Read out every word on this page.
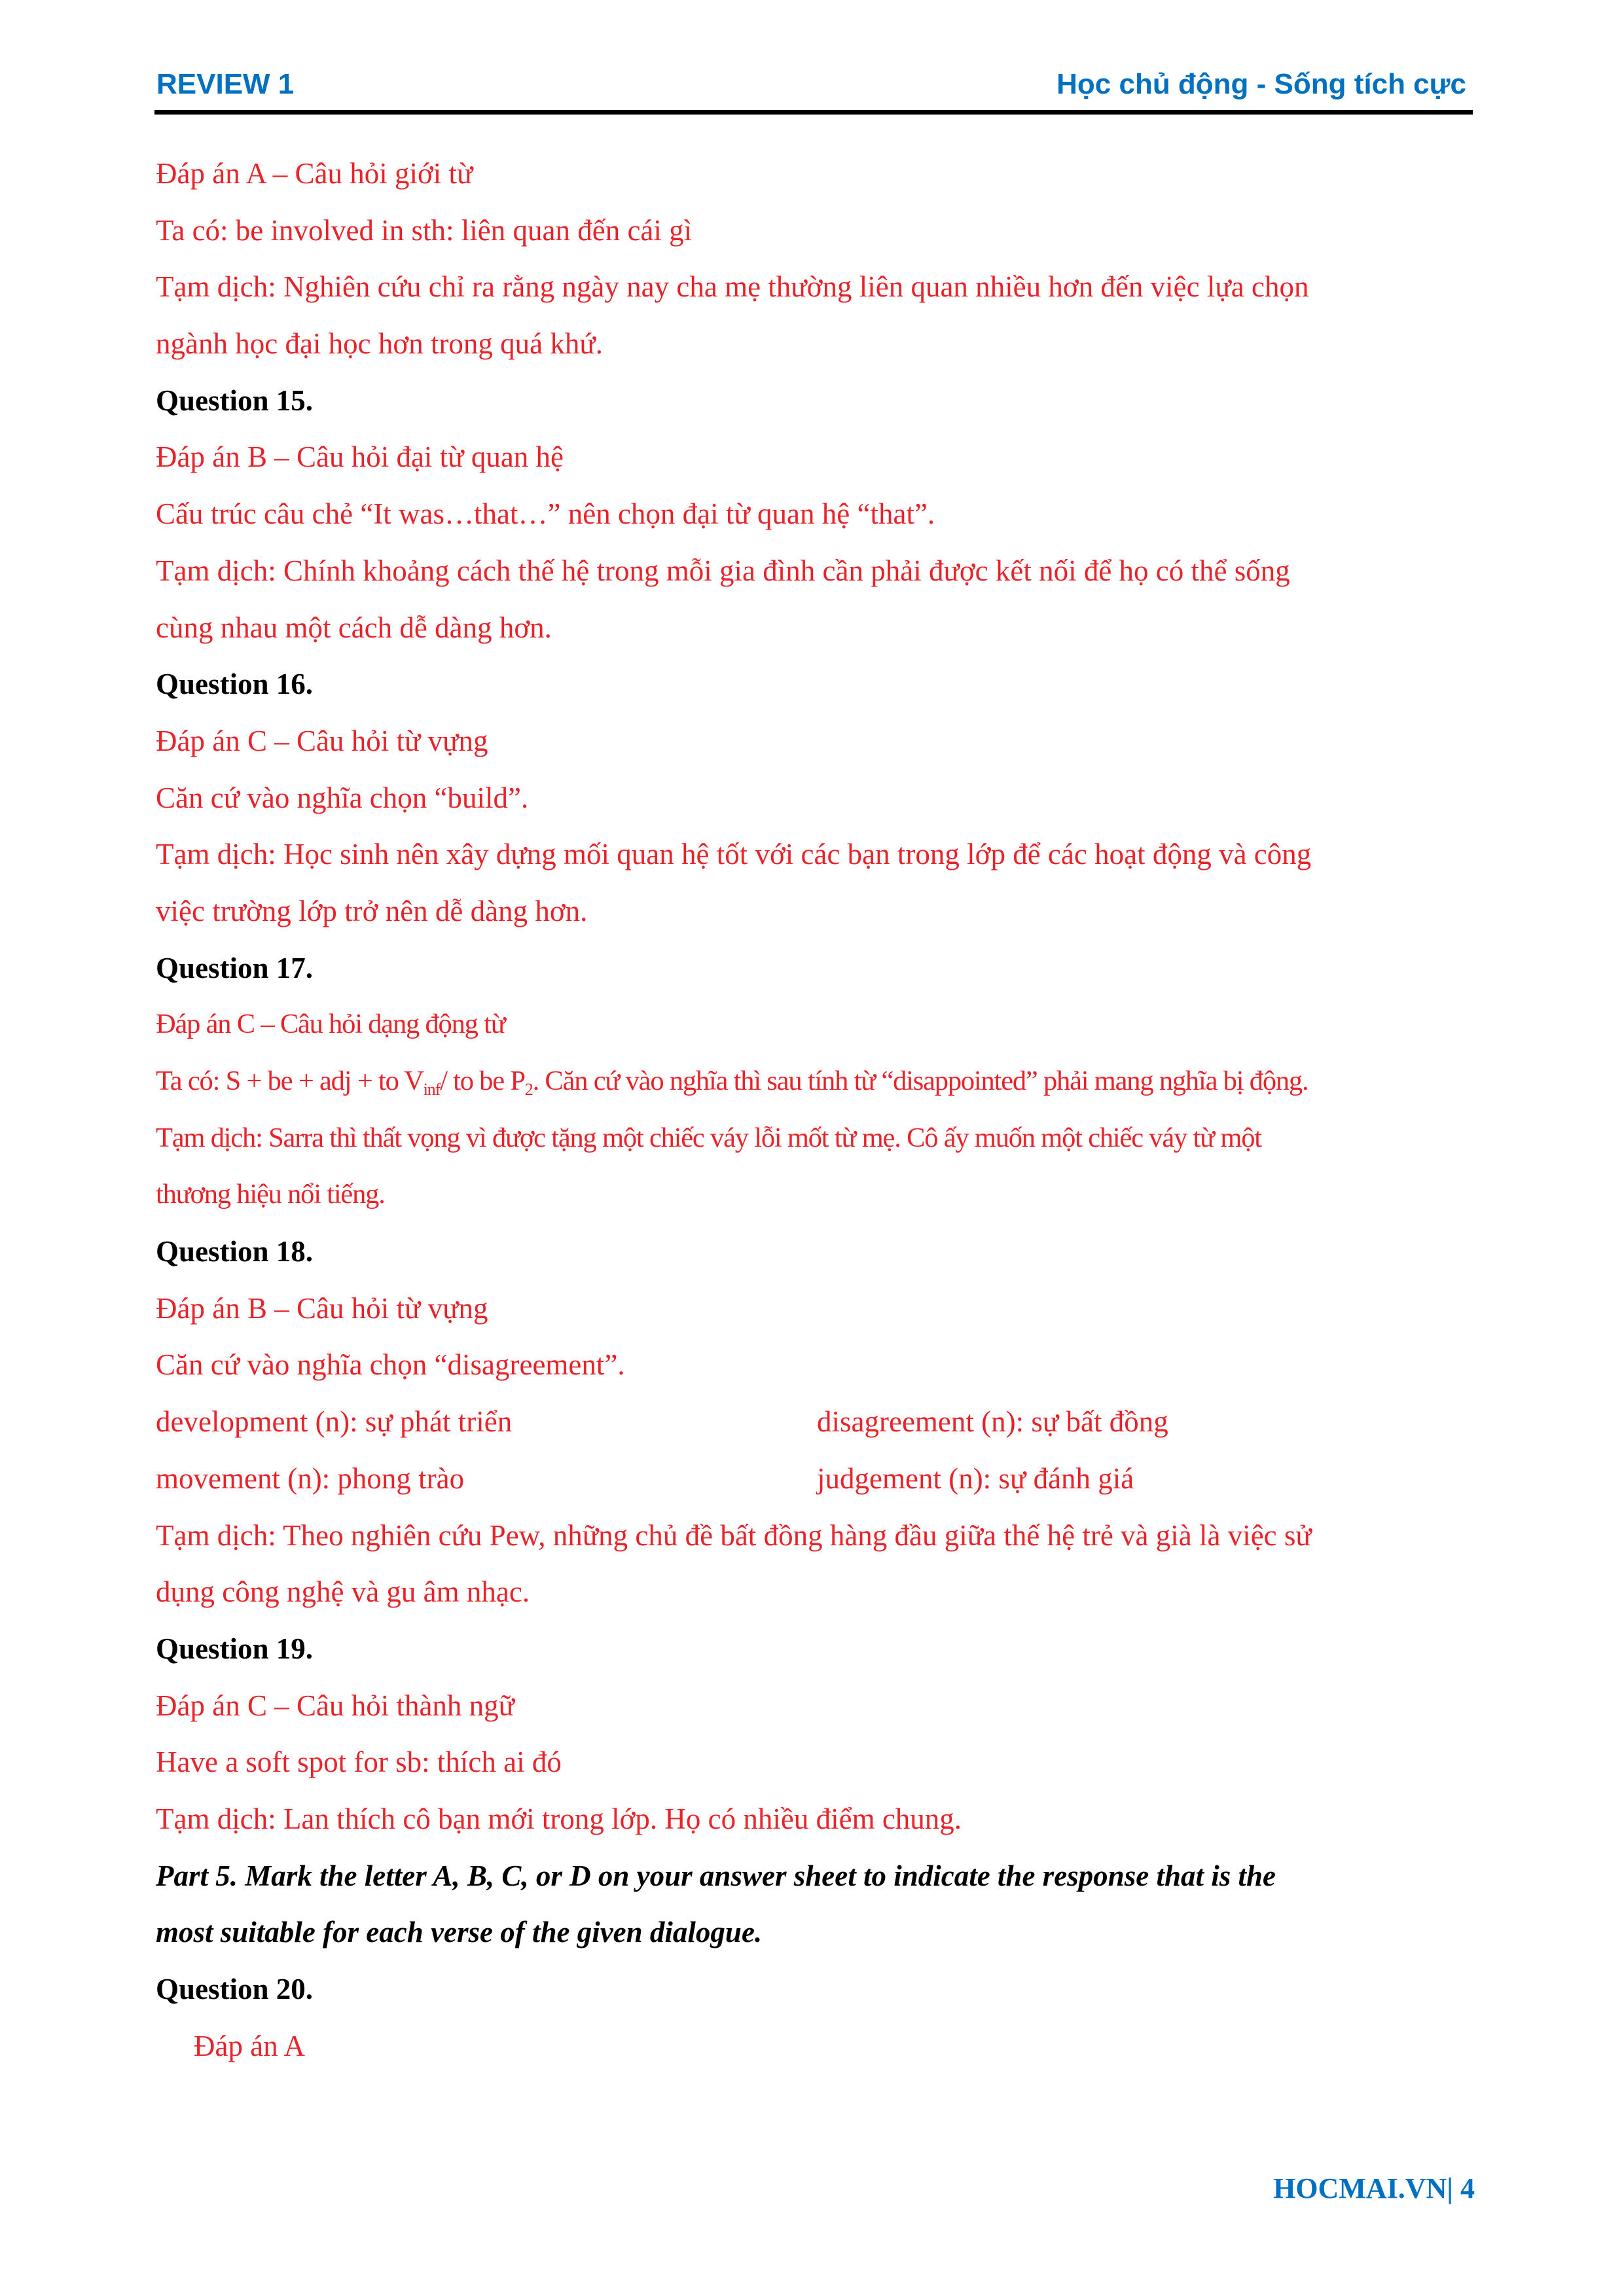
REVIEW 1	Học chủ động - Sống tích cực
Đáp án A – Câu hỏi giới từ
Ta có: be involved in sth: liên quan đến cái gì
Tạm dịch: Nghiên cứu chỉ ra rằng ngày nay cha mẹ thường liên quan nhiều hơn đến việc lựa chọn
ngành học đại học hơn trong quá khứ.
Question 15.
Đáp án B – Câu hỏi đại từ quan hệ
Cấu trúc câu chẻ “It was…that…” nên chọn đại từ quan hệ “that”.
Tạm dịch: Chính khoảng cách thế hệ trong mỗi gia đình cần phải được kết nối để họ có thể sống
cùng nhau một cách dễ dàng hơn.
Question 16.
Đáp án C – Câu hỏi từ vựng
Căn cứ vào nghĩa chọn “build”.
Tạm dịch: Học sinh nên xây dựng mối quan hệ tốt với các bạn trong lớp để các hoạt động và công
việc trường lớp trở nên dễ dàng hơn.
Question 17.
Đáp án C – Câu hỏi dạng động từ
Ta có: S + be + adj + to $V_{inf}/$ to be $P_2$. Căn cứ vào nghĩa thì sau tính từ “disappointed” phải mang nghĩa bị động.
Tạm dịch: Sarra thì thất vọng vì được tặng một chiếc váy lỗi mốt từ mẹ. Cô ấy muốn một chiếc váy từ một
thương hiệu nổi tiếng.
Question 18.
Đáp án B – Câu hỏi từ vựng
Căn cứ vào nghĩa chọn “disagreement”.
development (n): sự phát triển	disagreement (n): sự bất đồng
movement (n): phong trào	judgement (n): sự đánh giá
Tạm dịch: Theo nghiên cứu Pew, những chủ đề bất đồng hàng đầu giữa thế hệ trẻ và già là việc sử
dụng công nghệ và gu âm nhạc.
Question 19.
Đáp án C – Câu hỏi thành ngữ
Have a soft spot for sb: thích ai đó
Tạm dịch: Lan thích cô bạn mới trong lớp. Họ có nhiều điểm chung.
Part 5. Mark the letter A, B, C, or D on your answer sheet to indicate the response that is the
most suitable for each verse of the given dialogue.
Question 20.
Đáp án A
HOCMAI.VN| 4
